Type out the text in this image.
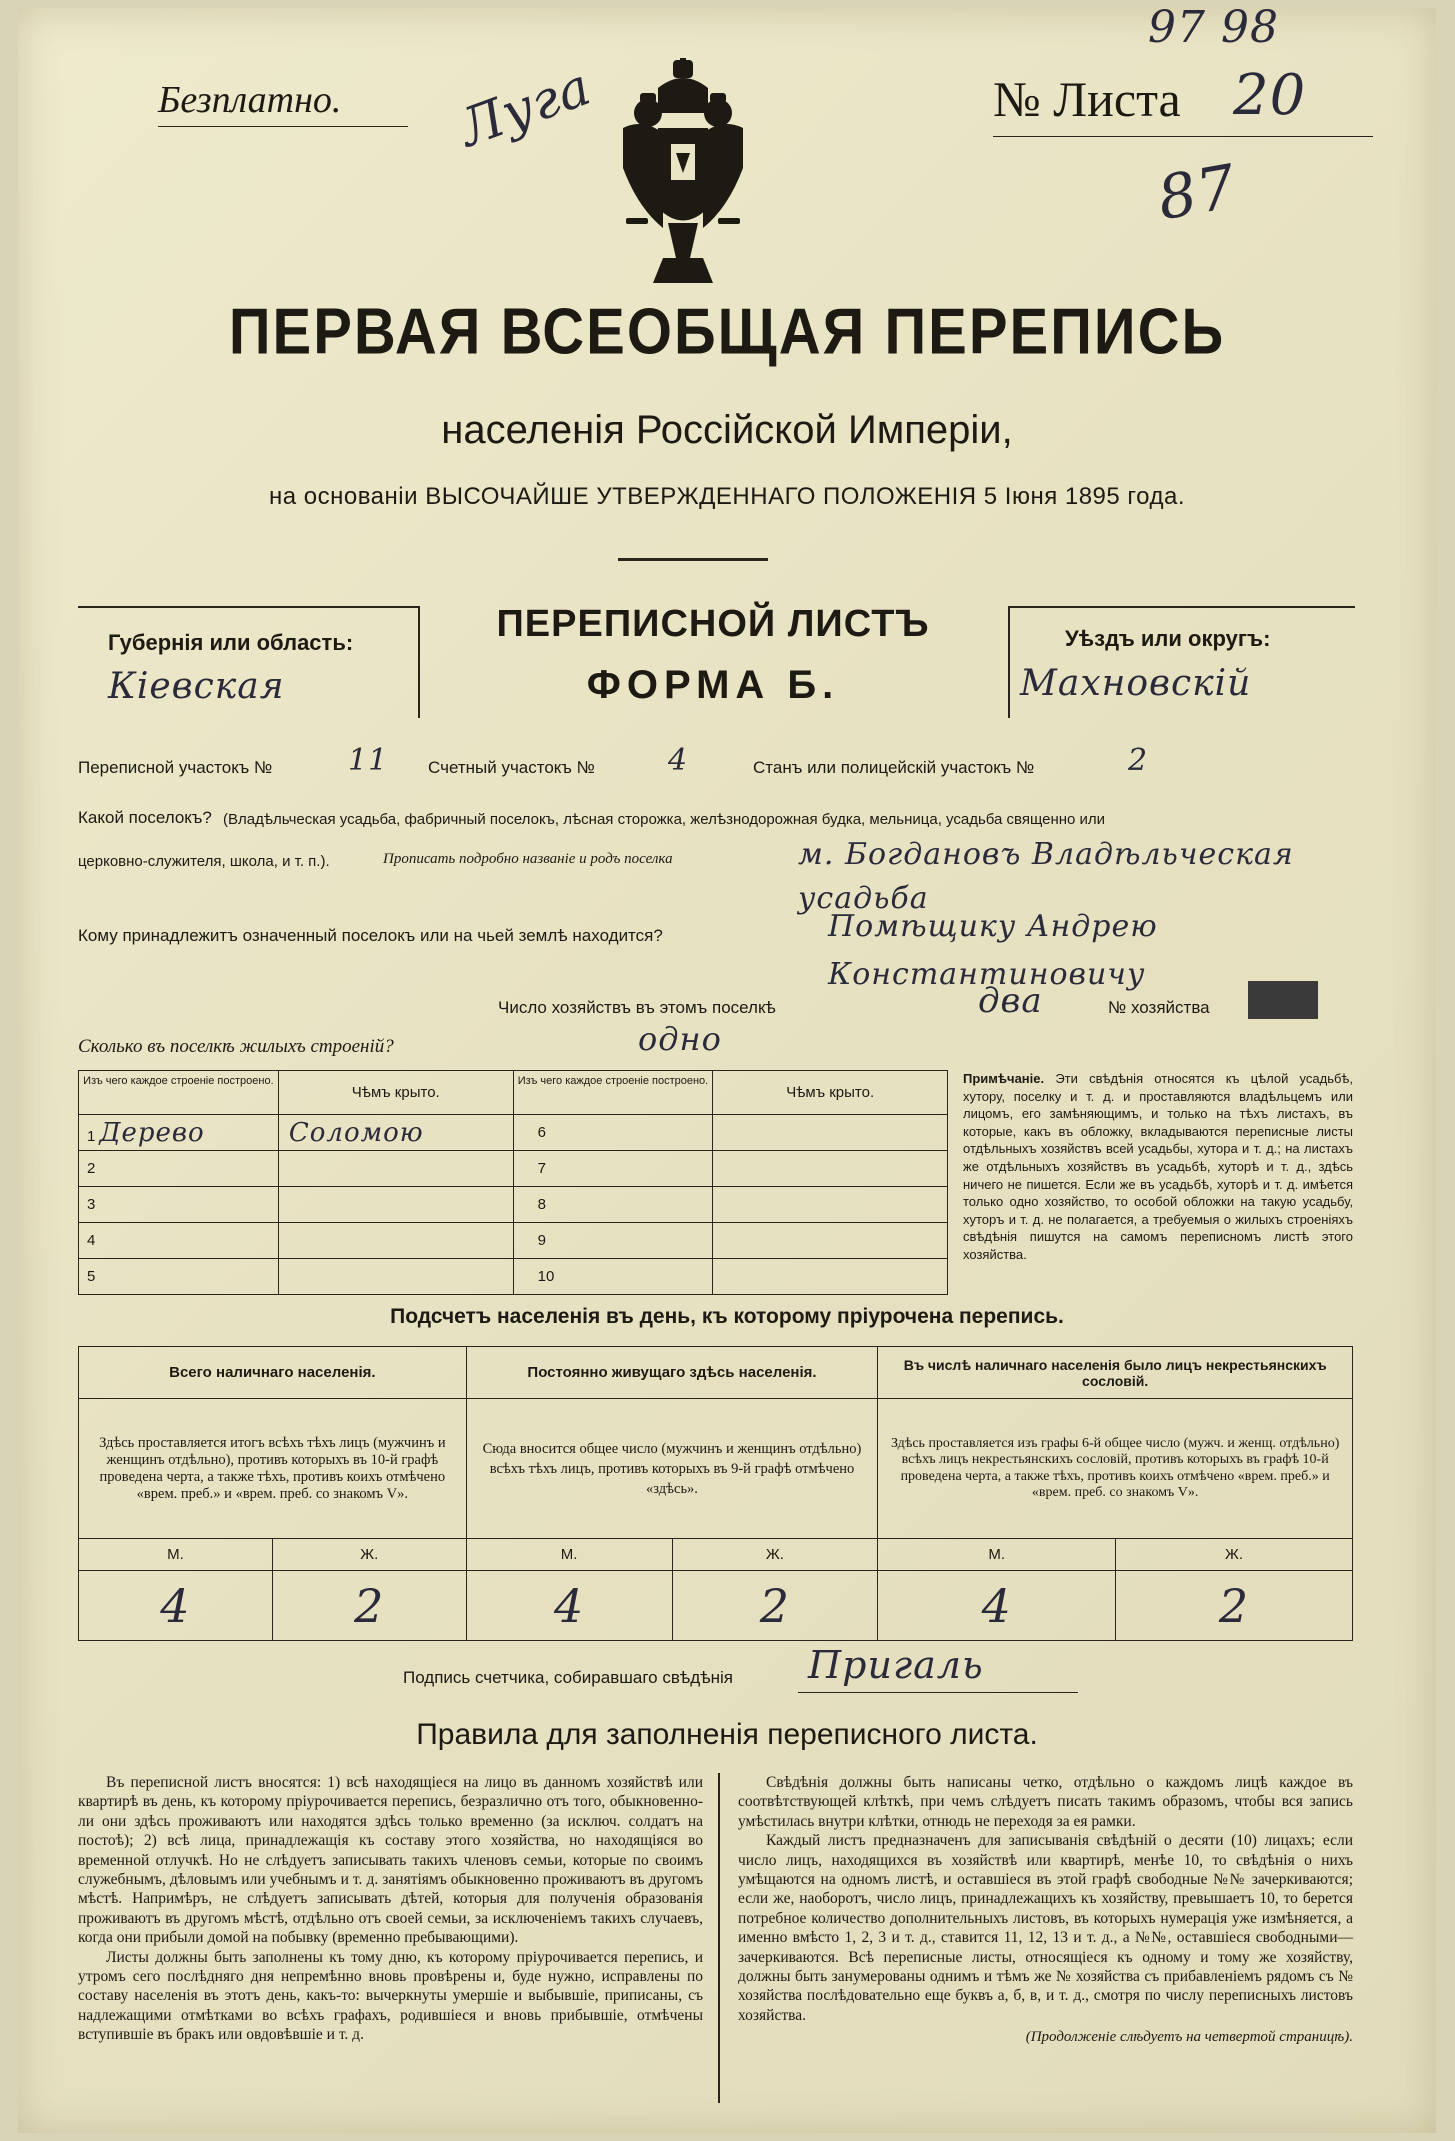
97 98
Безплатно. Луга	№ Листа 20
87
ПЕРВАЯ ВСЕОБЩАЯ ПЕРЕПИСЬ
населенія Россійской Имперіи,
на основаніи ВЫСОЧАЙШЕ УТВЕРЖДЕННАГО ПОЛОЖЕНІЯ 5 Іюня 1895 года.
Губернія или область:
Кіевская
ПЕРЕПИСНОЙ ЛИСТЪ
ФОРМА Б.
Уѣздъ или округъ:
Махновскій
Переписной участокъ №	11 Счетный участокъ № 4	Станъ или полицейскій участокъ №	2
Какой поселокъ? (Владѣльческая усадьба, фабричный поселокъ, лѣсная сторожка, желѣзнодорожная будка, мельница, усадьба священно или
церковно-служителя, школа, и т. п.).	Прописать подробно названіе и родъ поселка	м. Богдановъ Владѣльческая усадьба
Кому принадлежитъ означенный поселокъ или на чьей землѣ находится?	Помѣщику Андрею Константиновичу
Число хозяйствъ въ этомъ поселкѣ	два	№ хозяйства 1
Сколько въ поселкѣ жилыхъ строеній?	одно
Изъ чего каждое строеніе построено.	Чѣмъ крыто.	Изъ чего каждое строеніе построено.	Чѣмъ крыто.
1 Дерево	Соломою	6	
2		7	
3		8	
4		9	
5		10	
Примѣчаніе. Эти свѣдѣнія относятся къ цѣлой усадьбѣ, хутору, поселку и т. д. и проставляются владѣльцемъ или лицомъ, его замѣняющимъ, и только на тѣхъ листахъ, въ которые, какъ въ обложку, вкладываются переписные листы отдѣльныхъ хозяйствъ всей усадьбы, хутора и т. д.; на листахъ же отдѣльныхъ хозяйствъ въ усадьбѣ, хуторѣ и т. д., здѣсь ничего не пишется. Если же въ усадьбѣ, хуторѣ и т. д. имѣется только одно хозяйство, то особой обложки на такую усадьбу, хуторъ и т. д. не полагается, а требуемыя о жилыхъ строеніяхъ свѣдѣнія пишутся на самомъ переписномъ листѣ этого хозяйства.
Подсчетъ населенія въ день, къ которому пріурочена перепись.
Всего наличнаго населенія.		Постоянно живущаго здѣсь населенія.		Въ числѣ наличнаго населенія было лицъ некрестьянскихъ сословій.	
Здѣсь проставляется итогъ всѣхъ тѣхъ лицъ (мужчинъ и женщинъ отдѣльно), противъ которыхъ въ 10-й графѣ проведена черта, а также тѣхъ, противъ коихъ отмѣчено «врем. преб.» и «врем. преб. со знакомъ V».		Сюда вносится общее число (мужчинъ и женщинъ отдѣльно) всѣхъ тѣхъ лицъ, противъ которыхъ въ 9-й графѣ отмѣчено «здѣсь».		Здѣсь проставляется изъ графы 6-й общее число (мужч. и женщ. отдѣльно) всѣхъ лицъ некрестьянскихъ сословій, противъ которыхъ въ графѣ 10-й проведена черта, а также тѣхъ, противъ коихъ отмѣчено «врем. преб.» и «врем. преб. со знакомъ V».	
М.	Ж.	М.	Ж.	М.	Ж.
4	2	4	2	4	2
Подпись счетчика, собиравшаго свѣдѣнія Пригаль
Правила для заполненія переписного листа.

Въ переписной листъ вносятся: 1) всѣ находящіеся на лицо въ данномъ хозяйствѣ или квартирѣ въ день, къ которому пріурочивается перепись, безразлично отъ того, обыкновенно-ли они здѣсь проживаютъ или находятся здѣсь только временно (за исключ. солдатъ на постоѣ); 2) всѣ лица, принадлежащія къ составу этого хозяйства, но находящіяся во временной отлучкѣ. Но не слѣдуетъ записывать такихъ членовъ семьи, которые по своимъ служебнымъ, дѣловымъ или учебнымъ и т. д. занятіямъ обыкновенно проживаютъ въ другомъ мѣстѣ. Напримѣръ, не слѣдуетъ записывать дѣтей, которыя для полученія образованія проживаютъ въ другомъ мѣстѣ, отдѣльно отъ своей семьи, за исключеніемъ такихъ случаевъ, когда они прибыли домой на побывку (временно пребывающими).

Листы должны быть заполнены къ тому дню, къ которому пріурочивается перепись, и утромъ сего послѣдняго дня непремѣнно вновь провѣрены и, буде нужно, исправлены по составу населенія въ этотъ день, какъ-то: вычеркнуты умершіе и выбывшіе, приписаны, съ надлежащими отмѣтками во всѣхъ графахъ, родившіеся и вновь прибывшіе, отмѣчены вступившіе въ бракъ или овдовѣвшіе и т. д.

Свѣдѣнія должны быть написаны четко, отдѣльно о каждомъ лицѣ каждое въ соотвѣтствующей клѣткѣ, при чемъ слѣдуетъ писать такимъ образомъ, чтобы вся запись умѣстилась внутри клѣтки, отнюдь не переходя за ея рамки.

Каждый листъ предназначенъ для записыванія свѣдѣній о десяти (10) лицахъ; если число лицъ, находящихся въ хозяйствѣ или квартирѣ, менѣе 10, то свѣдѣнія о нихъ умѣщаются на одномъ листѣ, и оставшіеся въ этой графѣ свободные №№ зачеркиваются; если же, наоборотъ, число лицъ, принадлежащихъ къ хозяйству, превышаетъ 10, то берется потребное количество дополнительныхъ листовъ, въ которыхъ нумерація уже измѣняется, а именно вмѣсто 1, 2, 3 и т. д., ставится 11, 12, 13 и т. д., а №№, оставшіеся свободными—зачеркиваются. Всѣ переписные листы, относящіеся къ одному и тому же хозяйству, должны быть занумерованы однимъ и тѣмъ же № хозяйства съ прибавленіемъ рядомъ съ № хозяйства послѣдовательно еще буквъ а, б, в, и т. д., смотря по числу переписныхъ листовъ хозяйства.

(Продолженіе слѣдуетъ на четвертой страницѣ).
